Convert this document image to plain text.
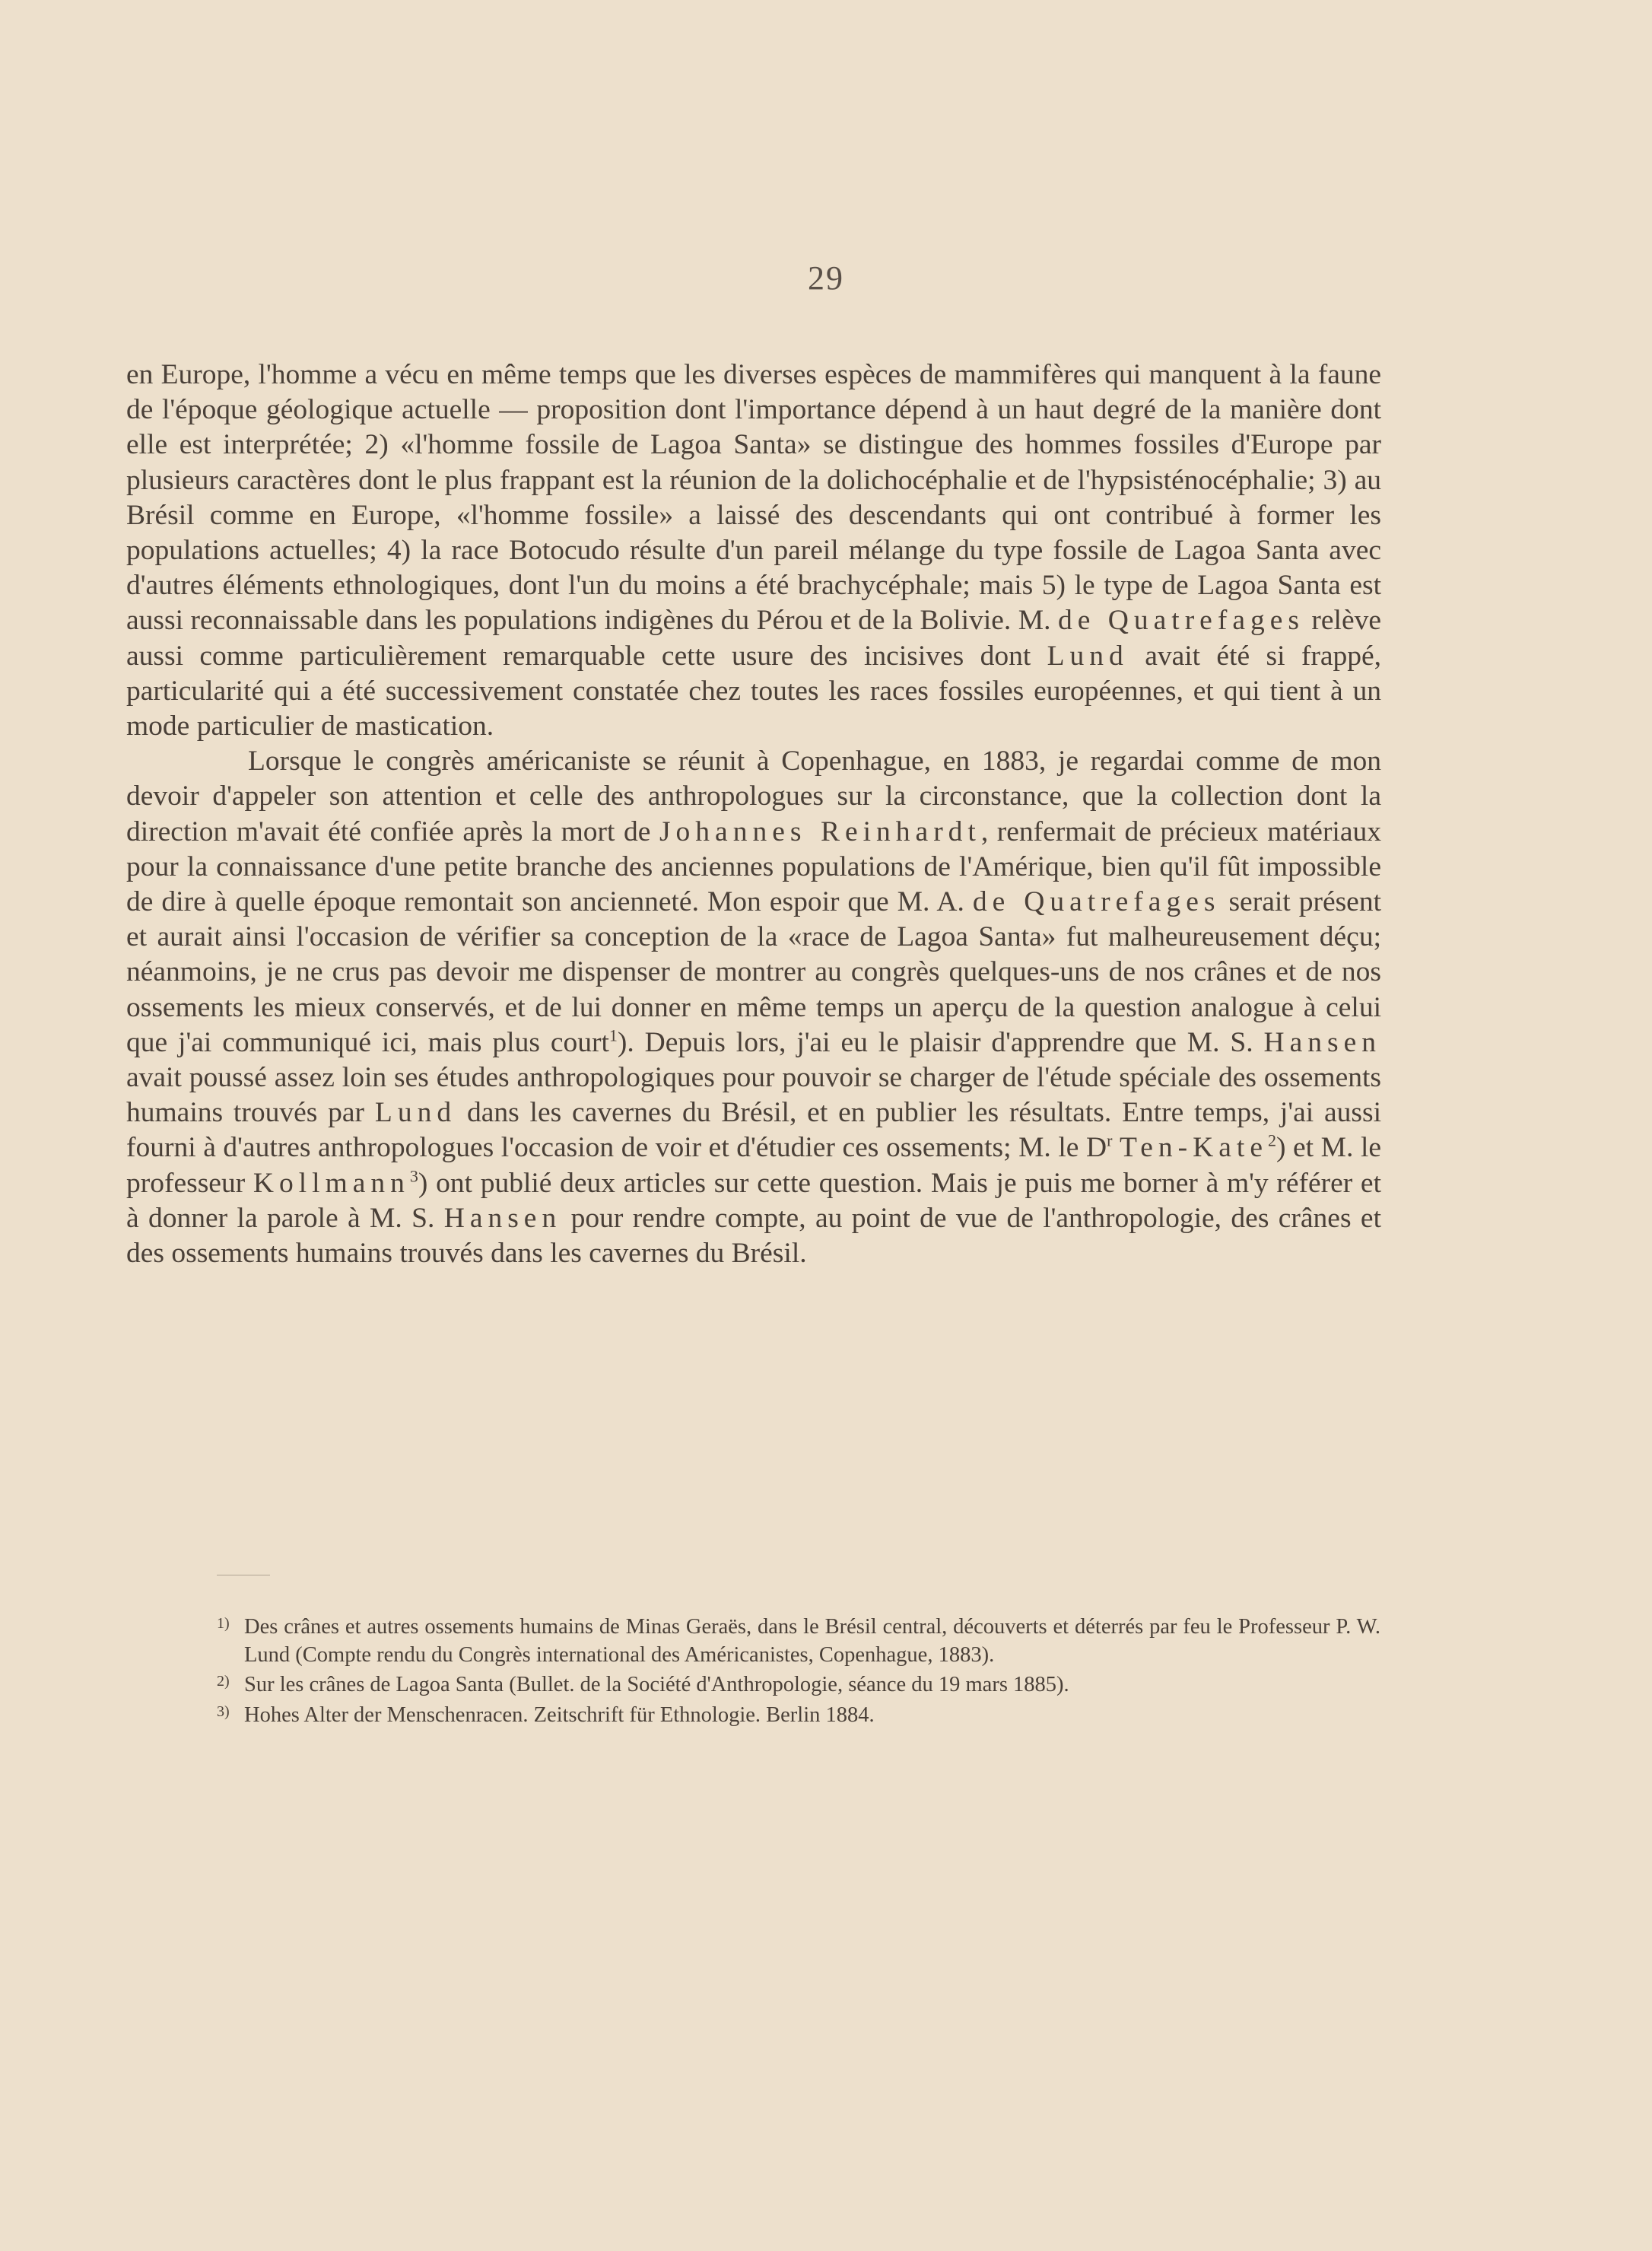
29

en Europe, l'homme a vécu en même temps que les diverses espèces de mammifères qui manquent à la faune de l'époque géologique actuelle — proposition dont l'importance dépend à un haut degré de la manière dont elle est interprétée; 2) «l'homme fossile de Lagoa Santa» se distingue des hommes fossiles d'Europe par plusieurs caractères dont le plus frappant est la réunion de la dolichocéphalie et de l'hypsisténocéphalie; 3) au Brésil comme en Europe, «l'homme fossile» a laissé des descendants qui ont contribué à former les populations actuelles; 4) la race Botocudo résulte d'un pareil mélange du type fossile de Lagoa Santa avec d'autres éléments ethnologiques, dont l'un du moins a été brachycéphale; mais 5) le type de Lagoa Santa est aussi reconnaissable dans les populations indigènes du Pérou et de la Bolivie. M. de Quatrefages relève aussi comme particulièrement remarquable cette usure des incisives dont Lund avait été si frappé, particularité qui a été successivement constatée chez toutes les races fossiles européennes, et qui tient à un mode particulier de mastication.

Lorsque le congrès américaniste se réunit à Copenhague, en 1883, je regardai comme de mon devoir d'appeler son attention et celle des anthropologues sur la circonstance, que la collection dont la direction m'avait été confiée après la mort de Johannes Reinhardt, renfermait de précieux matériaux pour la connaissance d'une petite branche des anciennes populations de l'Amérique, bien qu'il fût impossible de dire à quelle époque remontait son ancienneté. Mon espoir que M. A. de Quatrefages serait présent et aurait ainsi l'occasion de vérifier sa conception de la «race de Lagoa Santa» fut malheureusement déçu; néanmoins, je ne crus pas devoir me dispenser de montrer au congrès quelques-uns de nos crânes et de nos ossements les mieux conservés, et de lui donner en même temps un aperçu de la question analogue à celui que j'ai communiqué ici, mais plus court$^1$). Depuis lors, j'ai eu le plaisir d'apprendre que M. S. Hansen avait poussé assez loin ses études anthropologiques pour pouvoir se charger de l'étude spéciale des ossements humains trouvés par Lund dans les cavernes du Brésil, et en publier les résultats. Entre temps, j'ai aussi fourni à d'autres anthropologues l'occasion de voir et d'étudier ces ossements; M. le $D^r$ Ten-Kate$^2$) et M. le professeur Kollmann$^3$) ont publié deux articles sur cette question. Mais je puis me borner à m'y référer et à donner la parole à M. S. Hansen pour rendre compte, au point de vue de l'anthropologie, des crânes et des ossements humains trouvés dans les cavernes du Brésil.

1) Des crânes et autres ossements humains de Minas Geraës, dans le Brésil central, découverts et déterrés par feu le Professeur P. W. Lund (Compte rendu du Congrès international des Américanistes, Copenhague, 1883).
2) Sur les crânes de Lagoa Santa (Bullet. de la Société d'Anthropologie, séance du 19 mars 1885).
3) Hohes Alter der Menschenracen. Zeitschrift für Ethnologie. Berlin 1884.
